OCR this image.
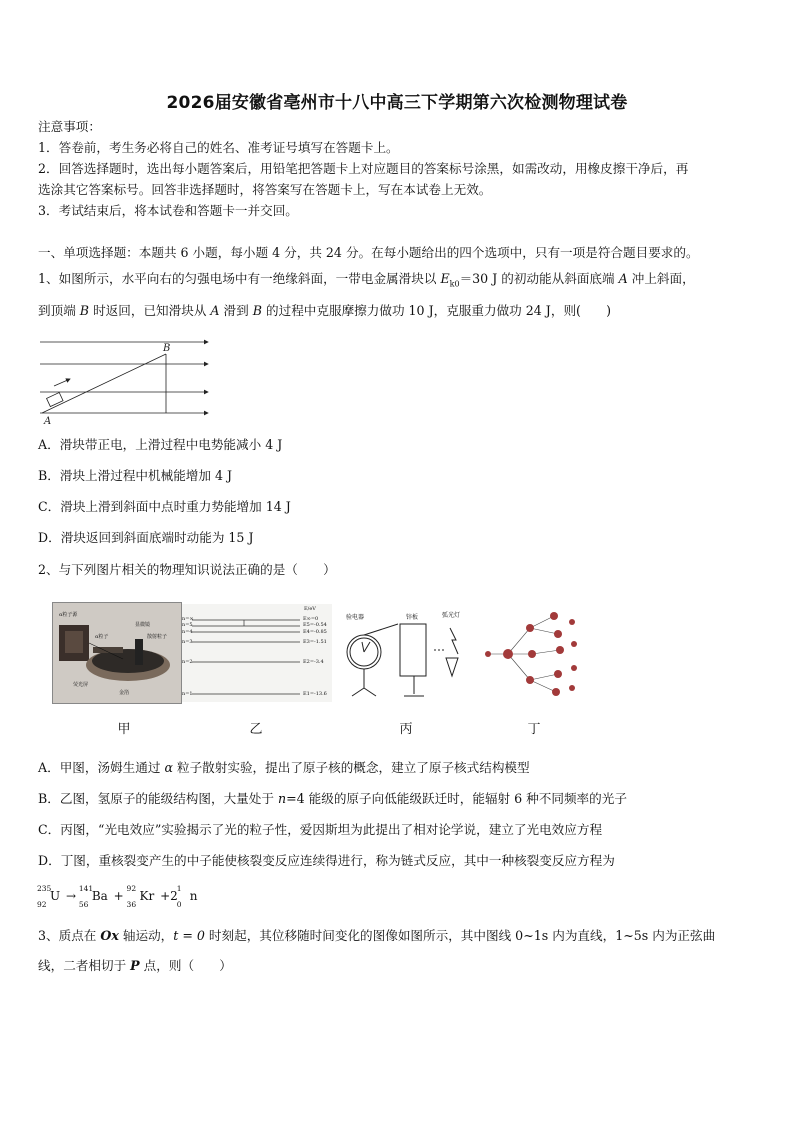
2026届安徽省亳州市十八中高三下学期第六次检测物理试卷
注意事项：
1．答卷前，考生务必将自己的姓名、准考证号填写在答题卡上。
2．回答选择题时，选出每小题答案后，用铅笔把答题卡上对应题目的答案标号涂黑，如需改动，用橡皮擦干净后，再
选涂其它答案标号。回答非选择题时，将答案写在答题卡上，写在本试卷上无效。
3．考试结束后，将本试卷和答题卡一并交回。
一、单项选择题：本题共 6 小题，每小题 4 分，共 24 分。在每小题给出的四个选项中，只有一项是符合题目要求的。
1、如图所示，水平向右的匀强电场中有一绝缘斜面，一带电金属滑块以 $E_{k0}=30$ J 的初动能从斜面底端 A 冲上斜面，
到顶端 B 时返回，已知滑块从 A 滑到 B 的过程中克服摩擦力做功 10 J，克服重力做功 24 J，则(　　)
B
A
A．滑块带正电，上滑过程中电势能减小 4 J
B．滑块上滑过程中机械能增加 4 J
C．滑块上滑到斜面中点时重力势能增加 14 J
D．滑块返回到斜面底端时动能为 15 J
2、与下列图片相关的物理知识说法正确的是（　　）
α粒子源
α粒子	散射粒子
荧光屏
金箔
显微镜
E/eV
n=∞
n=5
n=4
n=3
n=2
n=1
E∞=0
E5=-0.54
E4=-0.85
E3=-1.51
E2=-3.4
E1=-13.6
验电器	锌板	弧光灯
甲	乙	丙	丁
A．甲图，汤姆生通过 α 粒子散射实验，提出了原子核的概念，建立了原子核式结构模型
B．乙图，氢原子的能级结构图，大量处于 n=4 能级的原子向低能级跃迁时，能辐射 6 种不同频率的光子
C．丙图，“光电效应”实验揭示了光的粒子性，爱因斯坦为此提出了相对论学说，建立了光电效应方程
D．丁图，重核裂变产生的中子能使核裂变反应连续得进行，称为链式反应，其中一种核裂变反应方程为
235
92
U →
141
56
Ba +
92
36
Kr +2
1
0
n
3、质点在 Ox 轴运动，t = 0 时刻起，其位移随时间变化的图像如图所示，其中图线 0~1s 内为直线，1~5s 内为正弦曲
线，二者相切于 P 点，则（　　）
